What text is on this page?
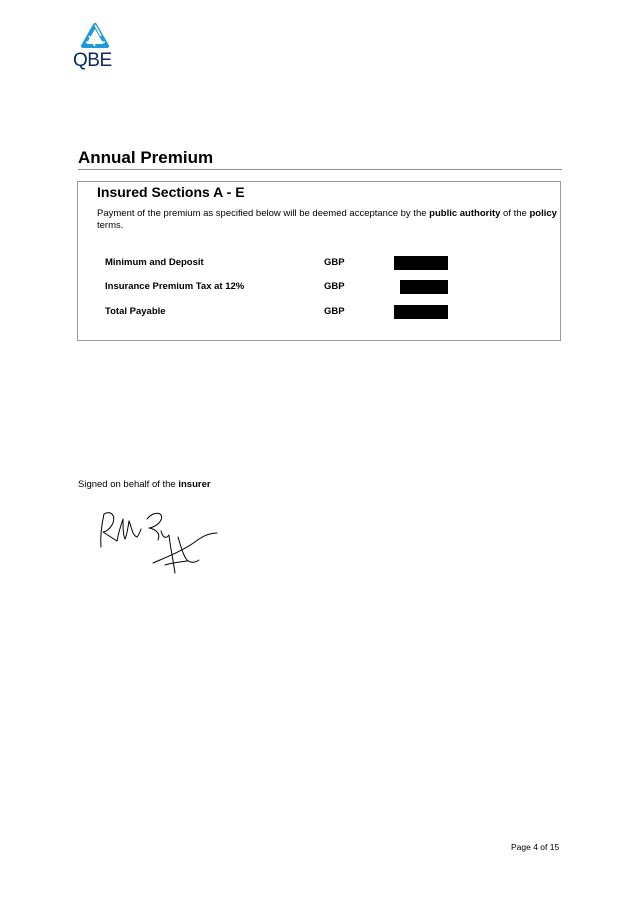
QBE
Annual Premium
Insured Sections A - E
Payment of the premium as specified below will be deemed acceptance by the public authority of the policy terms.
Minimum and Deposit	GBP
Insurance Premium Tax at 12%	GBP
Total Payable	GBP
Signed on behalf of the insurer
Page 4 of 15
